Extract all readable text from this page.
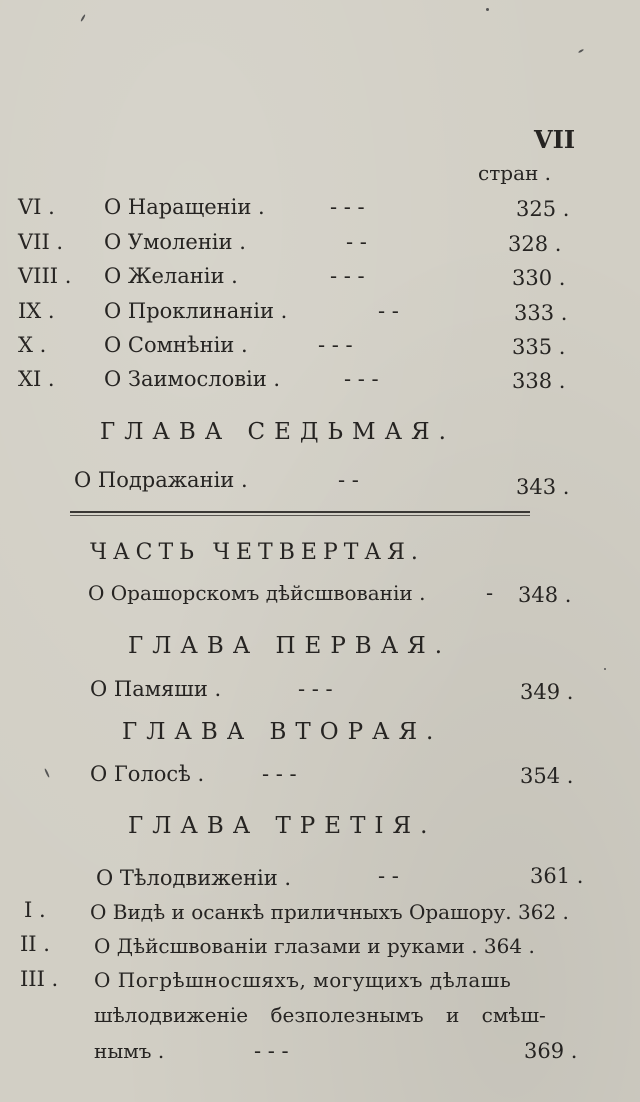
VII
стран .
VI . О Наращенiи .	- - -	325 .
VII . О Умоленiи .	- -	328 .
VIII . О Желанiи .	- - -	330 .
IX . О Проклинанiи .	- -	333 .
X .	О Сомнѣнiи .	- - -	335 .
XI . О Заимословiи .	- - -	338 .
ГЛАВА СЕДЬМАЯ.
О Подражанiи .	- -	343 .
ЧАСТЬ ЧЕТВЕРТАЯ.
О Орашорскомъ дѣйсшвованiи .	- 348 .
ГЛАВА ПЕРВАЯ.
О Памяши .	- - -	349 .
ГЛАВА ВТОРАЯ.
О Голосѣ .	- - -	354 .
ГЛАВА ТРЕТIЯ.
О Тѣлодвиженiи .	- -	361 .
I . О Видѣ и осанкѣ приличныхъ Орашору. 362 .
II . О Дѣйсшвованiи глазами и руками . 364 .
III . О Погрѣшносшяхъ, могущихъ дѣлашь
шѣлодвиженiе безполезнымъ и смѣш-
нымъ .	- - -	369 .
